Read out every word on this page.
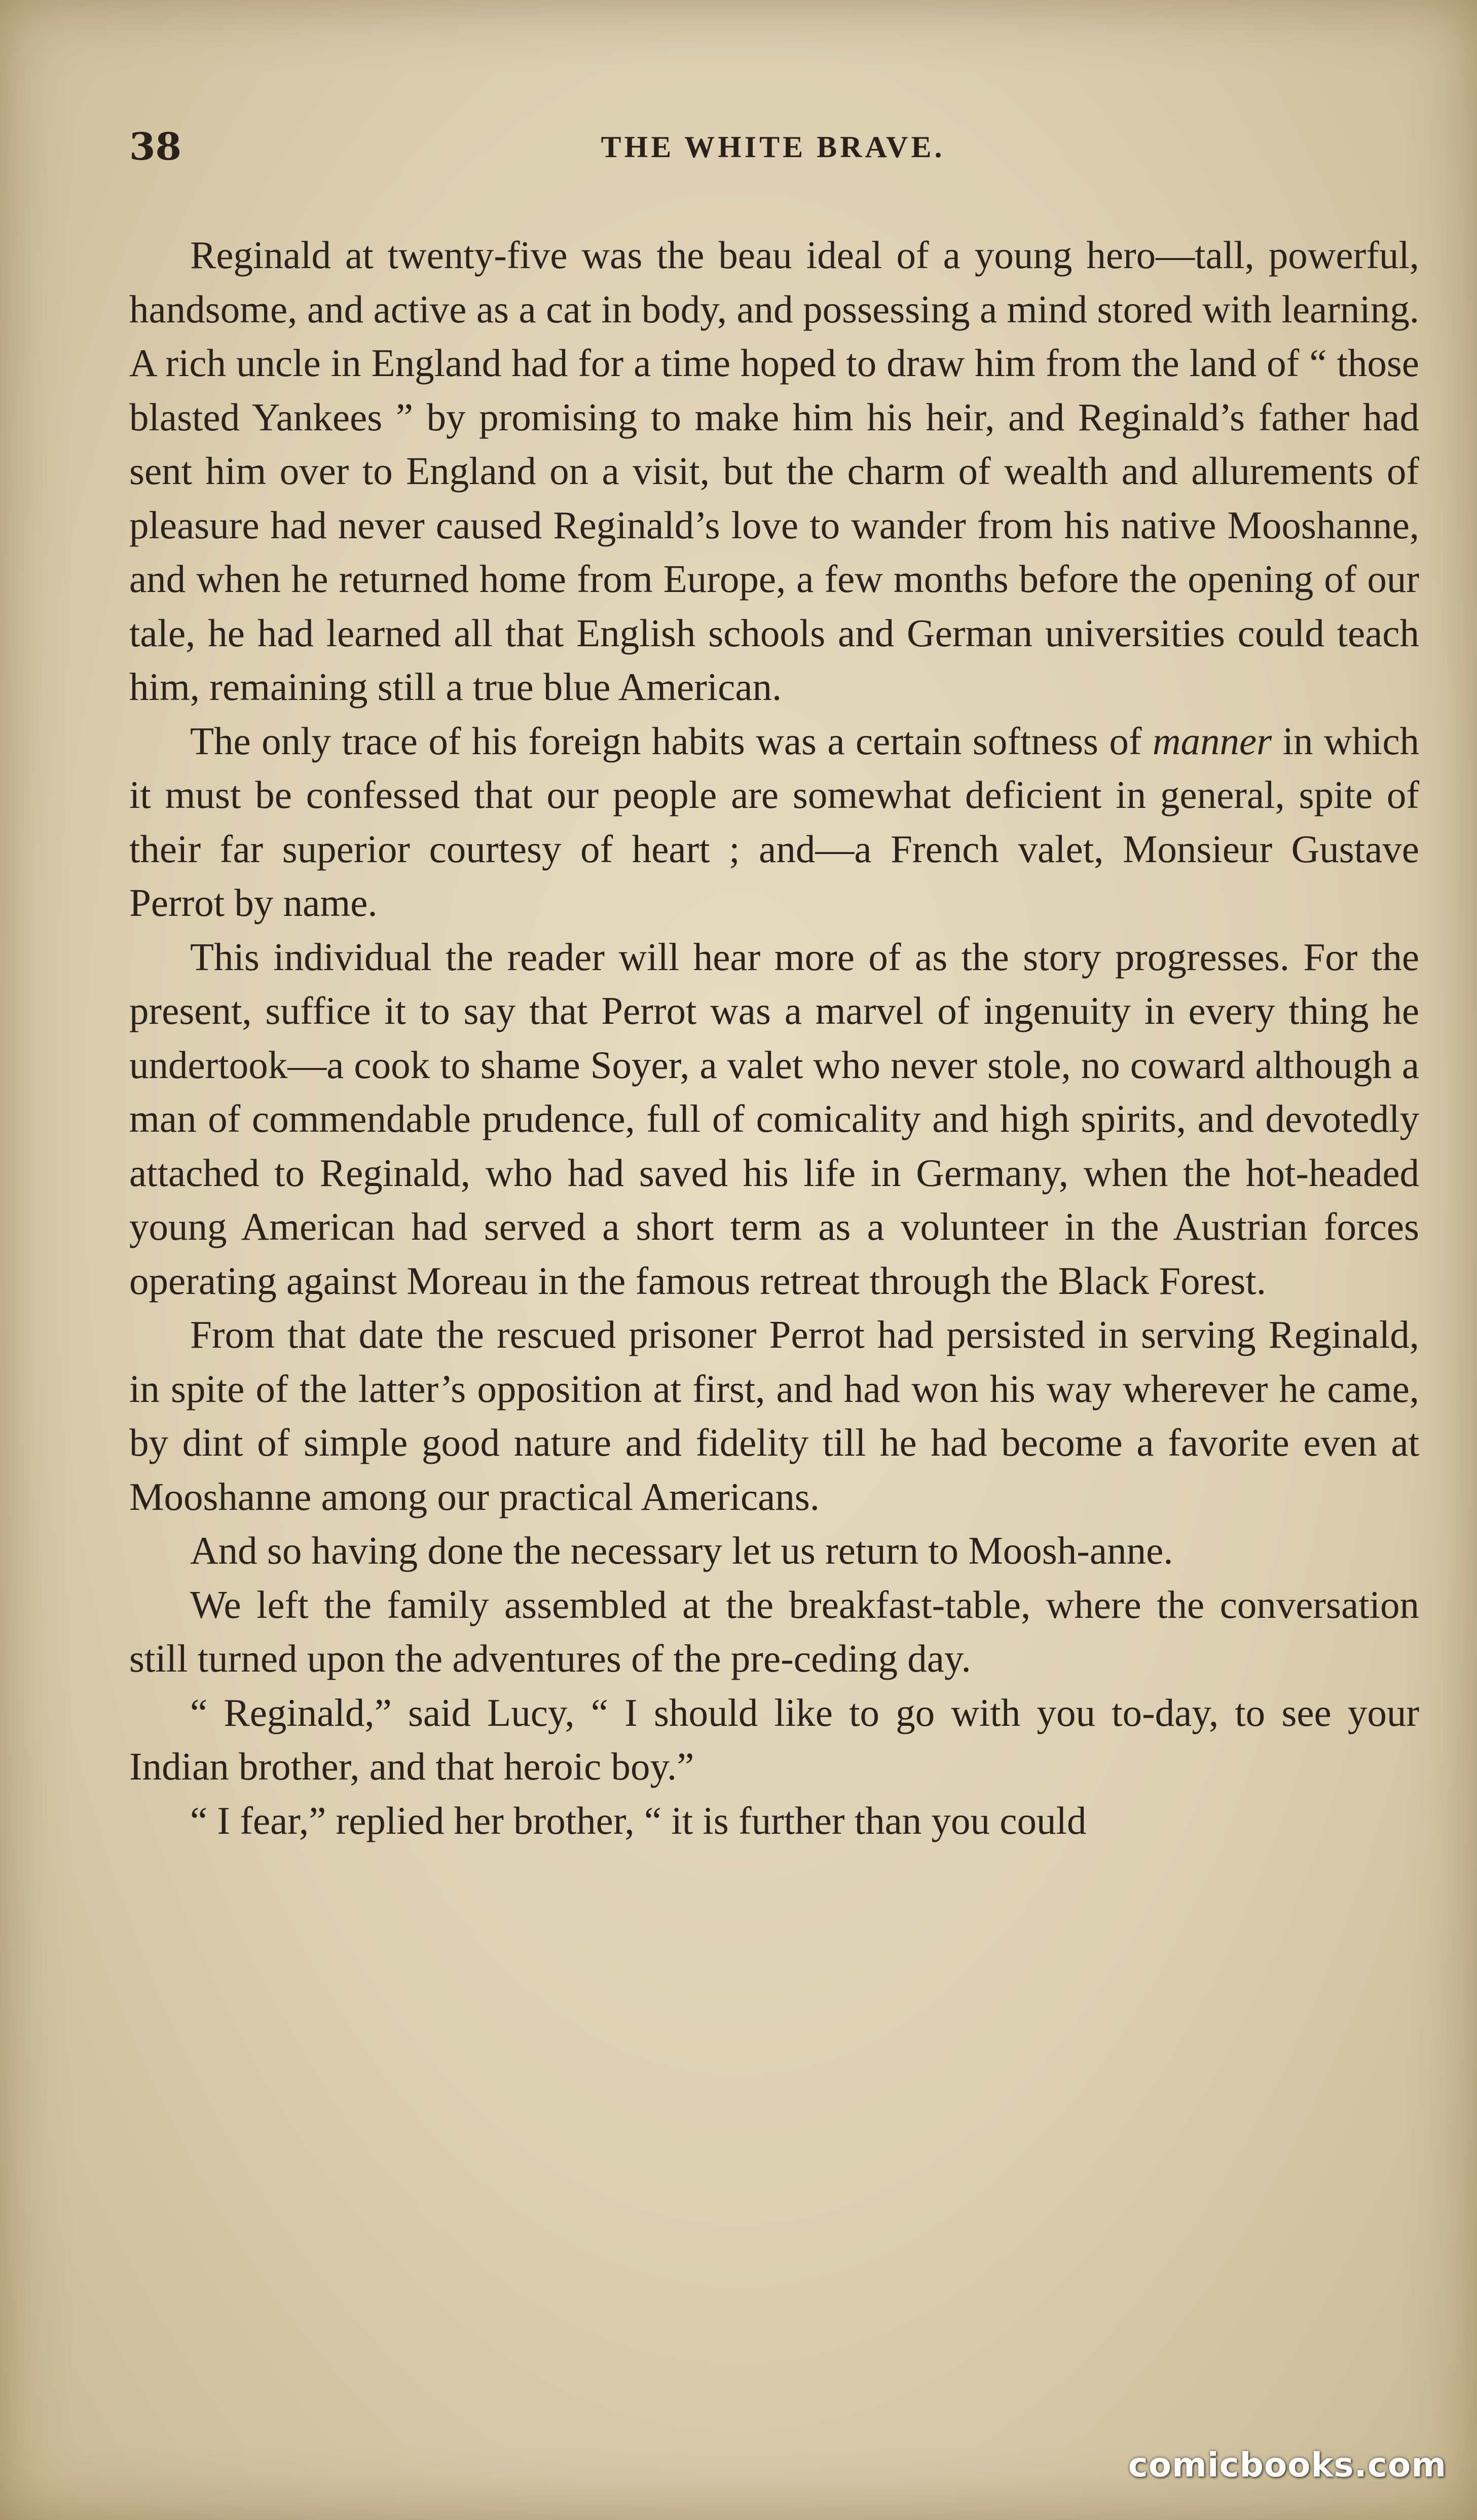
38	THE WHITE BRAVE.

Reginald at twenty-five was the beau ideal of a young hero—tall, powerful, handsome, and active as a cat in body, and possessing a mind stored with learning. A rich uncle in England had for a time hoped to draw him from the land of “ those blasted Yankees ” by promising to make him his heir, and Reginald’s father had sent him over to England on a visit, but the charm of wealth and allurements of pleasure had never caused Reginald’s love to wander from his native Mooshanne, and when he returned home from Europe, a few months before the opening of our tale, he had learned all that English schools and German universities could teach him, remaining still a true blue American.

The only trace of his foreign habits was a certain softness of manner in which it must be confessed that our people are somewhat deficient in general, spite of their far superior courtesy of heart ; and—a French valet, Monsieur Gustave Perrot by name.

This individual the reader will hear more of as the story progresses. For the present, suffice it to say that Perrot was a marvel of ingenuity in every thing he undertook—a cook to shame Soyer, a valet who never stole, no coward although a man of commendable prudence, full of comicality and high spirits, and devotedly attached to Reginald, who had saved his life in Germany, when the hot-headed young American had served a short term as a volunteer in the Austrian forces operating against Moreau in the famous retreat through the Black Forest.

From that date the rescued prisoner Perrot had persisted in serving Reginald, in spite of the latter’s opposition at first, and had won his way wherever he came, by dint of simple good nature and fidelity till he had become a favorite even at Mooshanne among our practical Americans.

And so having done the necessary let us return to Moosh-anne.

We left the family assembled at the breakfast-table, where the conversation still turned upon the adventures of the pre-ceding day.

“ Reginald,” said Lucy, “ I should like to go with you to-day, to see your Indian brother, and that heroic boy.”

“ I fear,” replied her brother, “ it is further than you could

comicbooks.com
